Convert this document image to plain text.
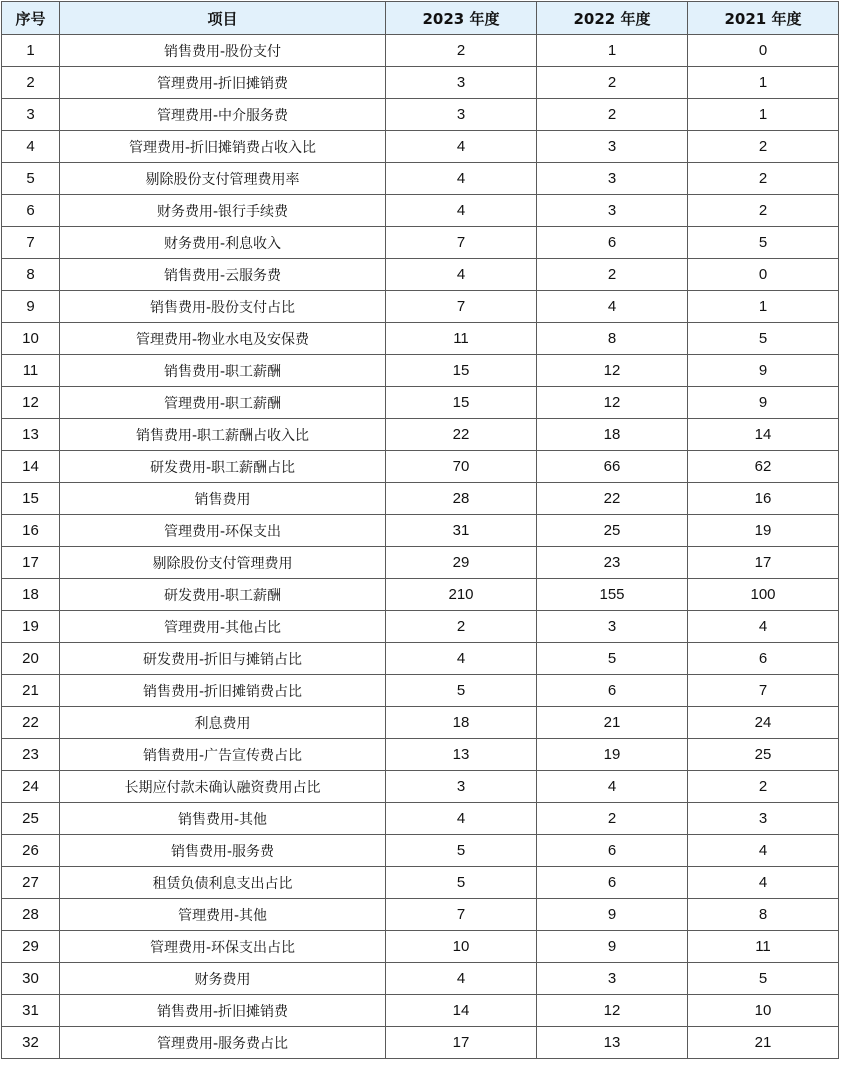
序号	项目	2023 年度	2022 年度	2021 年度
1	销售费用-股份支付	2	1	0
2	管理费用-折旧摊销费	3	2	1
3	管理费用-中介服务费	3	2	1
4	管理费用-折旧摊销费占收入比	4	3	2
5	剔除股份支付管理费用率	4	3	2
6	财务费用-银行手续费	4	3	2
7	财务费用-利息收入	7	6	5
8	销售费用-云服务费	4	2	0
9	销售费用-股份支付占比	7	4	1
10	管理费用-物业水电及安保费	11	8	5
11	销售费用-职工薪酬	15	12	9
12	管理费用-职工薪酬	15	12	9
13	销售费用-职工薪酬占收入比	22	18	14
14	研发费用-职工薪酬占比	70	66	62
15	销售费用	28	22	16
16	管理费用-环保支出	31	25	19
17	剔除股份支付管理费用	29	23	17
18	研发费用-职工薪酬	210	155	100
19	管理费用-其他占比	2	3	4
20	研发费用-折旧与摊销占比	4	5	6
21	销售费用-折旧摊销费占比	5	6	7
22	利息费用	18	21	24
23	销售费用-广告宣传费占比	13	19	25
24	长期应付款未确认融资费用占比	3	4	2
25	销售费用-其他	4	2	3
26	销售费用-服务费	5	6	4
27	租赁负债利息支出占比	5	6	4
28	管理费用-其他	7	9	8
29	管理费用-环保支出占比	10	9	11
30	财务费用	4	3	5
31	销售费用-折旧摊销费	14	12	10
32	管理费用-服务费占比	17	13	21
